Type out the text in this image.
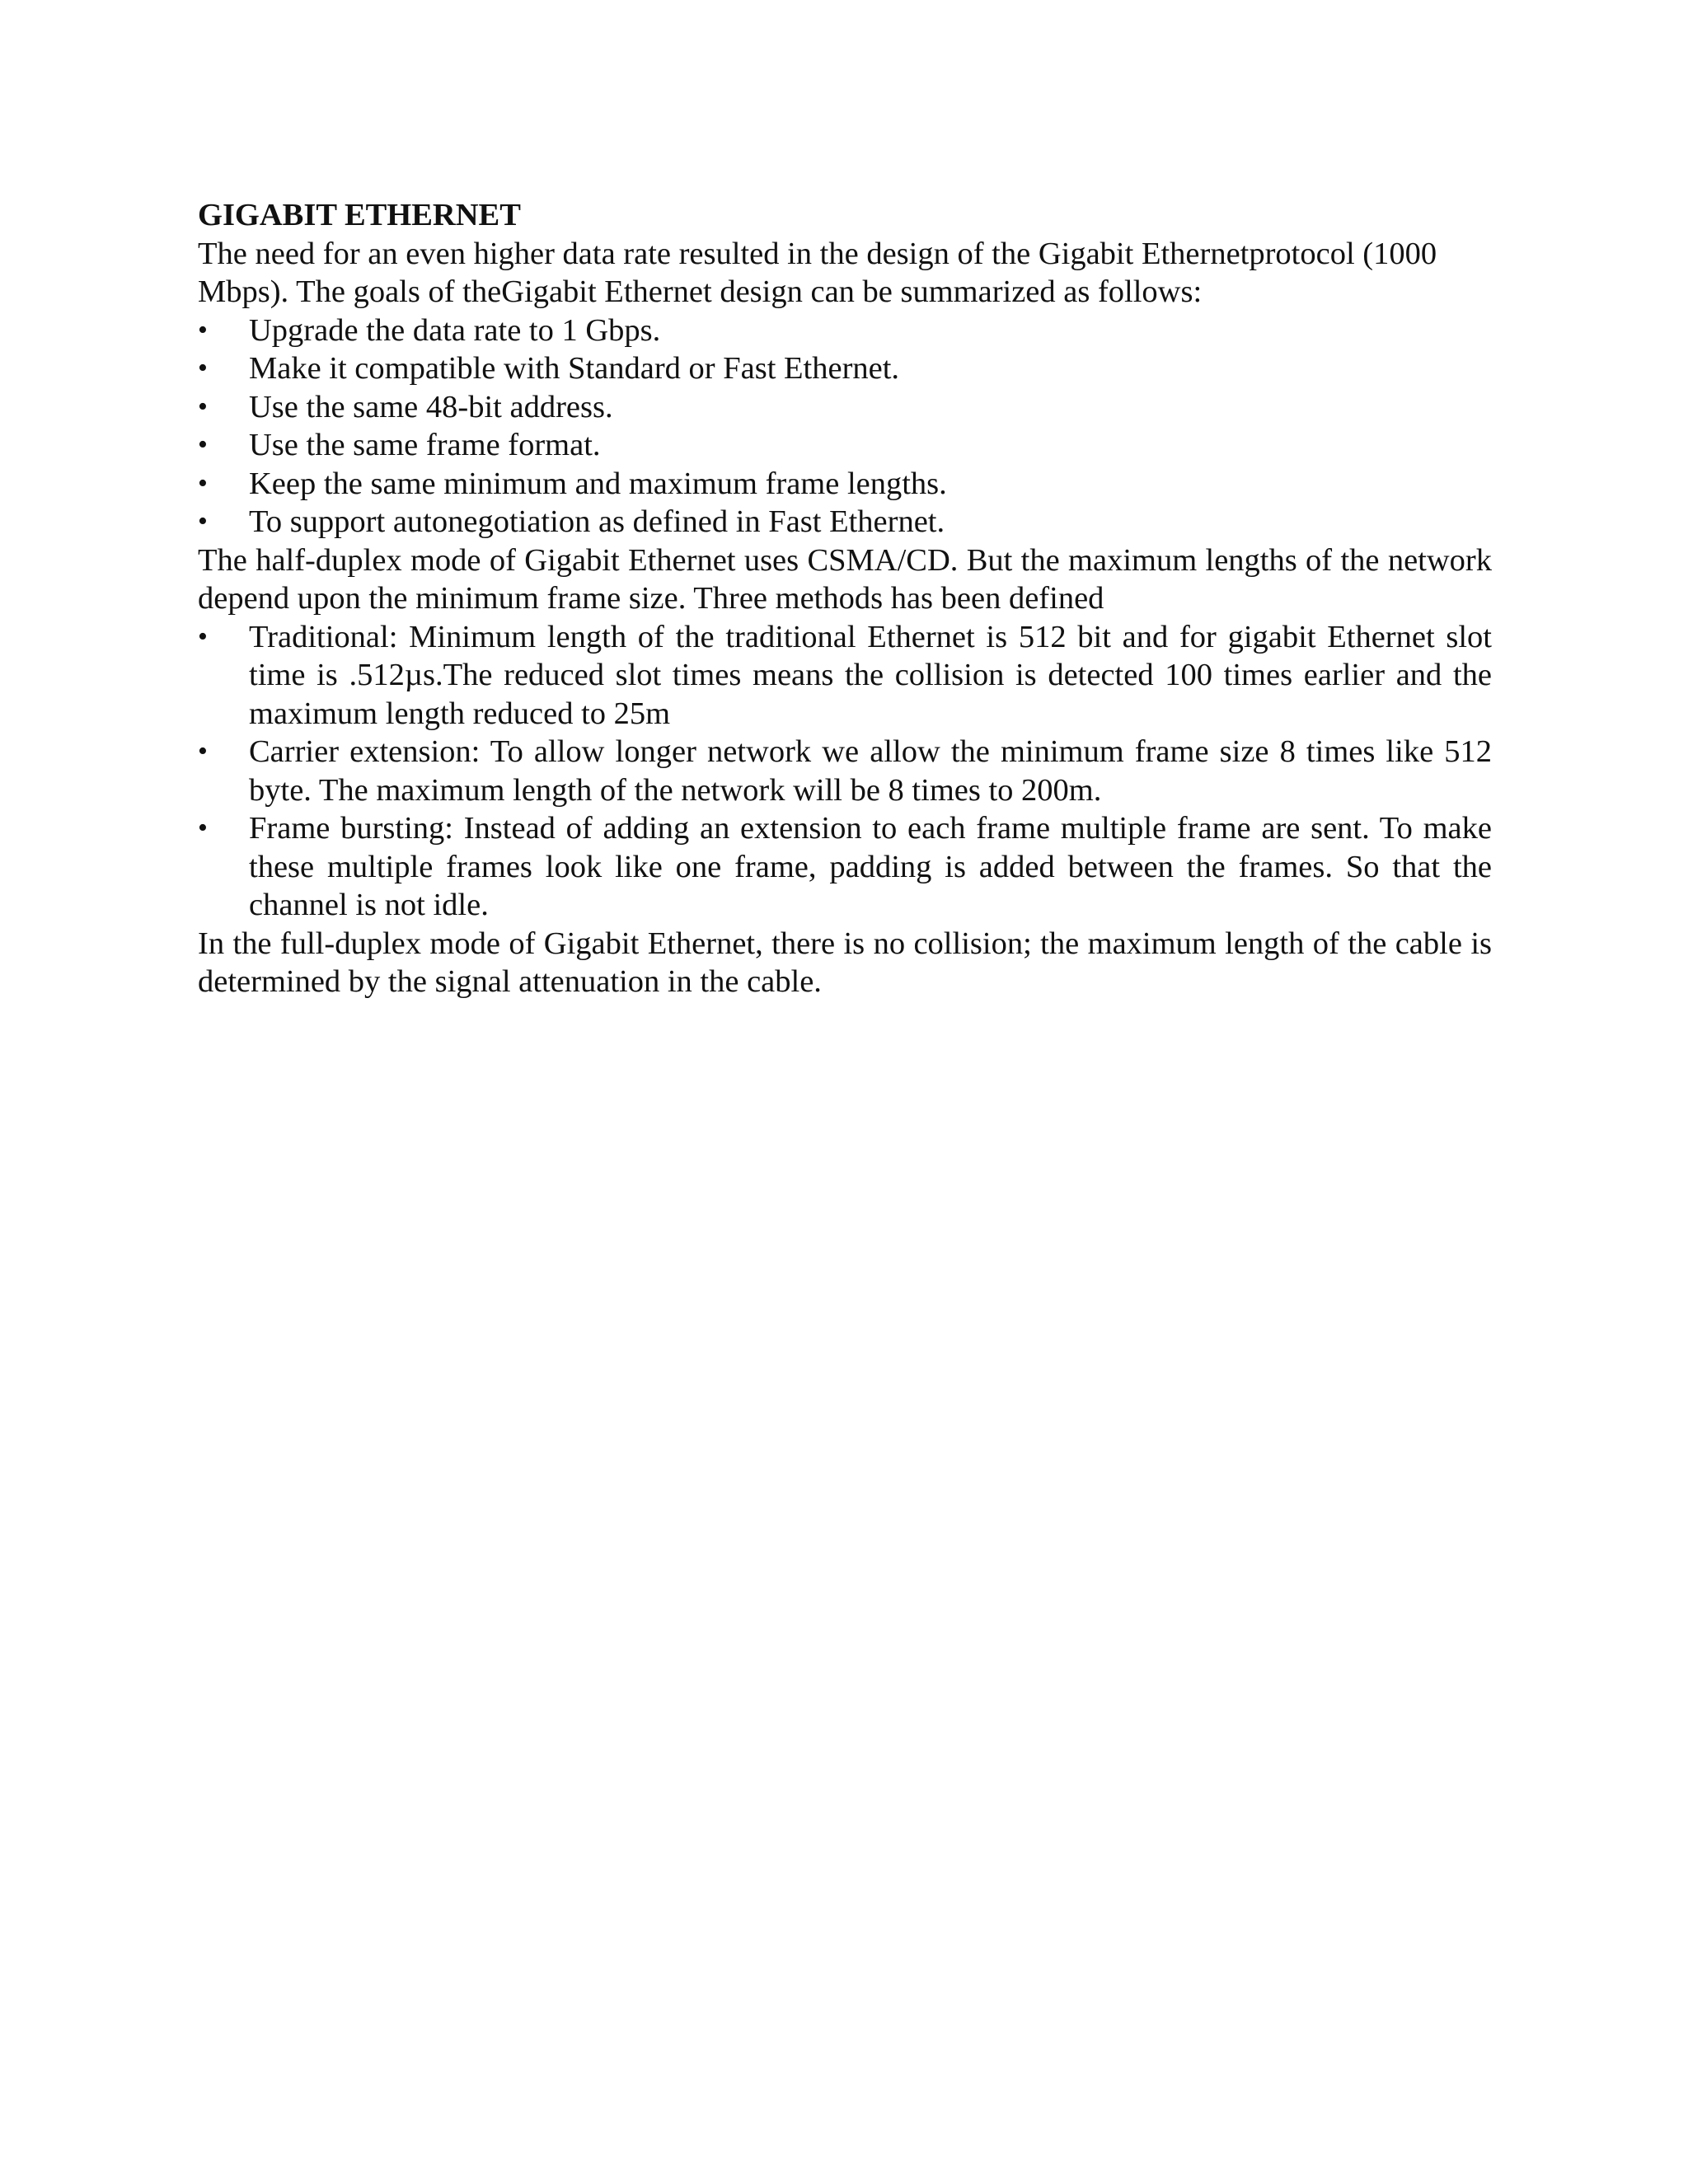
GIGABIT ETHERNET

The need for an even higher data rate resulted in the design of the Gigabit Ethernetprotocol (1000
Mbps). The goals of theGigabit Ethernet design can be summarized as follows:

•	Upgrade the data rate to 1 Gbps.
•	Make it compatible with Standard or Fast Ethernet.
•	Use the same 48-bit address.
•	Use the same frame format.
•	Keep the same minimum and maximum frame lengths.
•	To support autonegotiation as defined in Fast Ethernet.

The half-duplex mode of Gigabit Ethernet uses CSMA/CD. But the maximum lengths of the network depend upon the minimum frame size. Three methods has been defined

•	Traditional: Minimum length of the traditional Ethernet is 512 bit and for gigabit Ethernet slot time is .512µs.The reduced slot times means the collision is detected 100 times earlier and the maximum length reduced to 25m
•	Carrier extension: To allow longer network we allow the minimum frame size 8 times like 512 byte. The maximum length of the network will be 8 times to 200m.
•	Frame bursting: Instead of adding an extension to each frame multiple frame are sent. To make these multiple frames look like one frame, padding is added between the frames. So that the channel is not idle.

In the full-duplex mode of Gigabit Ethernet, there is no collision; the maximum length of the cable is determined by the signal attenuation in the cable.
